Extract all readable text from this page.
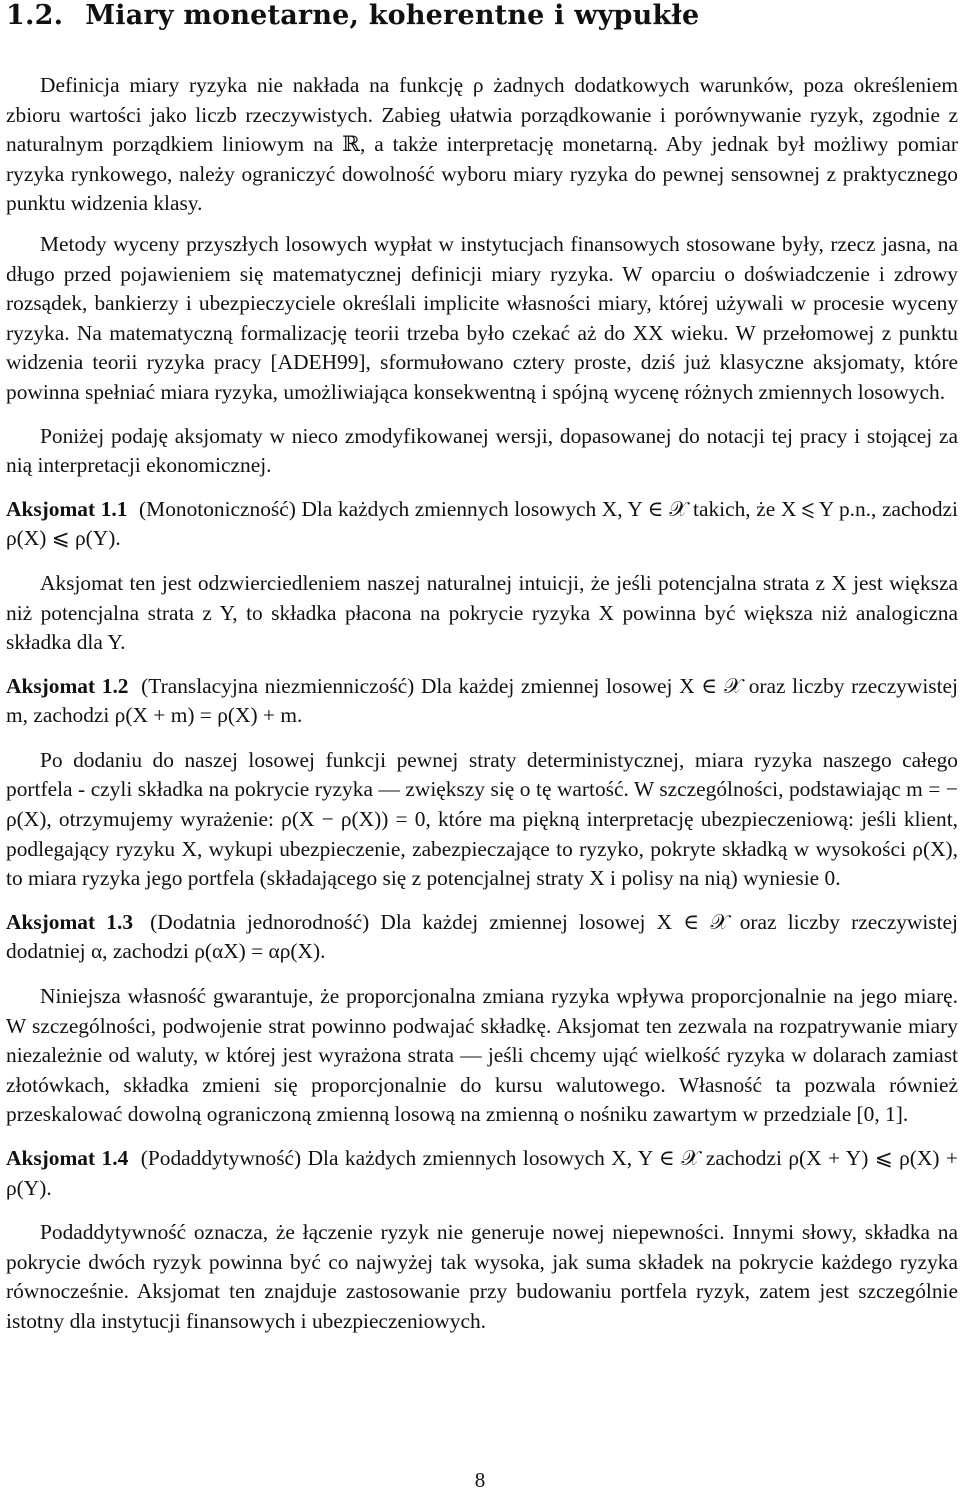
1.2. Miary monetarne, koherentne i wypukłe

Definicja miary ryzyka nie nakłada na funkcję ρ żadnych dodatkowych warunków, poza określeniem zbioru wartości jako liczb rzeczywistych. Zabieg ułatwia porządkowanie i porównywanie ryzyk, zgodnie z naturalnym porządkiem liniowym na ℝ, a także interpretację monetarną. Aby jednak był możliwy pomiar ryzyka rynkowego, należy ograniczyć dowolność wyboru miary ryzyka do pewnej sensownej z praktycznego punktu widzenia klasy.

Metody wyceny przyszłych losowych wypłat w instytucjach finansowych stosowane były, rzecz jasna, na długo przed pojawieniem się matematycznej definicji miary ryzyka. W oparciu o doświadczenie i zdrowy rozsądek, bankierzy i ubezpieczyciele określali implicite własności miary, której używali w procesie wyceny ryzyka. Na matematyczną formalizację teorii trzeba było czekać aż do XX wieku. W przełomowej z punktu widzenia teorii ryzyka pracy [ADEH99], sformułowano cztery proste, dziś już klasyczne aksjomaty, które powinna spełniać miara ryzyka, umożliwiająca konsekwentną i spójną wycenę różnych zmiennych losowych.

Poniżej podaję aksjomaty w nieco zmodyfikowanej wersji, dopasowanej do notacji tej pracy i stojącej za nią interpretacji ekonomicznej.

Aksjomat 1.1 (Monotoniczność) Dla każdych zmiennych losowych X, Y ∈ 𝒳 takich, że X ⩽ Y p.n., zachodzi ρ(X) ⩽ ρ(Y).

Aksjomat ten jest odzwierciedleniem naszej naturalnej intuicji, że jeśli potencjalna strata z X jest większa niż potencjalna strata z Y, to składka płacona na pokrycie ryzyka X powinna być większa niż analogiczna składka dla Y.

Aksjomat 1.2 (Translacyjna niezmienniczość) Dla każdej zmiennej losowej X ∈ 𝒳 oraz liczby rzeczywistej m, zachodzi ρ(X + m) = ρ(X) + m.

Po dodaniu do naszej losowej funkcji pewnej straty deterministycznej, miara ryzyka naszego całego portfela - czyli składka na pokrycie ryzyka — zwiększy się o tę wartość. W szczególności, podstawiając m = − ρ(X), otrzymujemy wyrażenie: ρ(X − ρ(X)) = 0, które ma piękną interpretację ubezpieczeniową: jeśli klient, podlegający ryzyku X, wykupi ubezpieczenie, zabezpieczające to ryzyko, pokryte składką w wysokości ρ(X), to miara ryzyka jego portfela (składającego się z potencjalnej straty X i polisy na nią) wyniesie 0.

Aksjomat 1.3 (Dodatnia jednorodność) Dla każdej zmiennej losowej X ∈ 𝒳 oraz liczby rzeczywistej dodatniej α, zachodzi ρ(αX) = αρ(X).

Niniejsza własność gwarantuje, że proporcjonalna zmiana ryzyka wpływa proporcjonalnie na jego miarę. W szczególności, podwojenie strat powinno podwajać składkę. Aksjomat ten zezwala na rozpatrywanie miary niezależnie od waluty, w której jest wyrażona strata — jeśli chcemy ująć wielkość ryzyka w dolarach zamiast złotówkach, składka zmieni się proporcjonalnie do kursu walutowego. Własność ta pozwala również przeskalować dowolną ograniczoną zmienną losową na zmienną o nośniku zawartym w przedziale [0, 1].

Aksjomat 1.4 (Podaddytywność) Dla każdych zmiennych losowych X, Y ∈ 𝒳 zachodzi ρ(X + Y) ⩽ ρ(X) + ρ(Y).

Podaddytywność oznacza, że łączenie ryzyk nie generuje nowej niepewności. Innymi słowy, składka na pokrycie dwóch ryzyk powinna być co najwyżej tak wysoka, jak suma składek na pokrycie każdego ryzyka równocześnie. Aksjomat ten znajduje zastosowanie przy budowaniu portfela ryzyk, zatem jest szczególnie istotny dla instytucji finansowych i ubezpieczeniowych.

8
